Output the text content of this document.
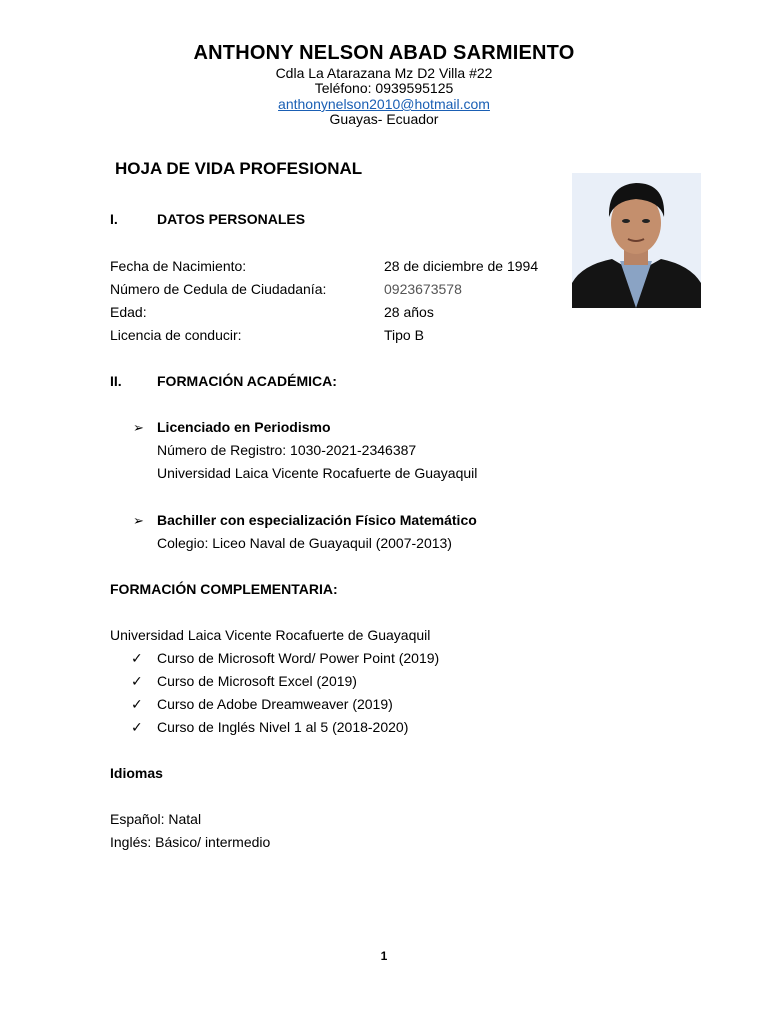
ANTHONY NELSON ABAD SARMIENTO
Cdla La Atarazana Mz D2 Villa #22
Teléfono: 0939595125
anthonynelson2010@hotmail.com
Guayas- Ecuador
HOJA DE VIDA PROFESIONAL
I.	DATOS PERSONALES
Fecha de Nacimiento:	28 de diciembre de 1994
Número de Cedula de Ciudadanía:	0923673578
Edad:	28 años
Licencia de conducir:	Tipo B
II.	FORMACIÓN ACADÉMICA:
➢ Licenciado en Periodismo
Número de Registro: 1030-2021-2346387
Universidad Laica Vicente Rocafuerte de Guayaquil
➢ Bachiller con especialización Físico Matemático
Colegio: Liceo Naval de Guayaquil (2007-2013)
FORMACIÓN COMPLEMENTARIA:
Universidad Laica Vicente Rocafuerte de Guayaquil
✓ Curso de Microsoft Word/ Power Point (2019)
✓ Curso de Microsoft Excel (2019)
✓ Curso de Adobe Dreamweaver (2019)
✓ Curso de Inglés Nivel 1 al 5 (2018-2020)
Idiomas
Español: Natal
Inglés: Básico/ intermedio
1
